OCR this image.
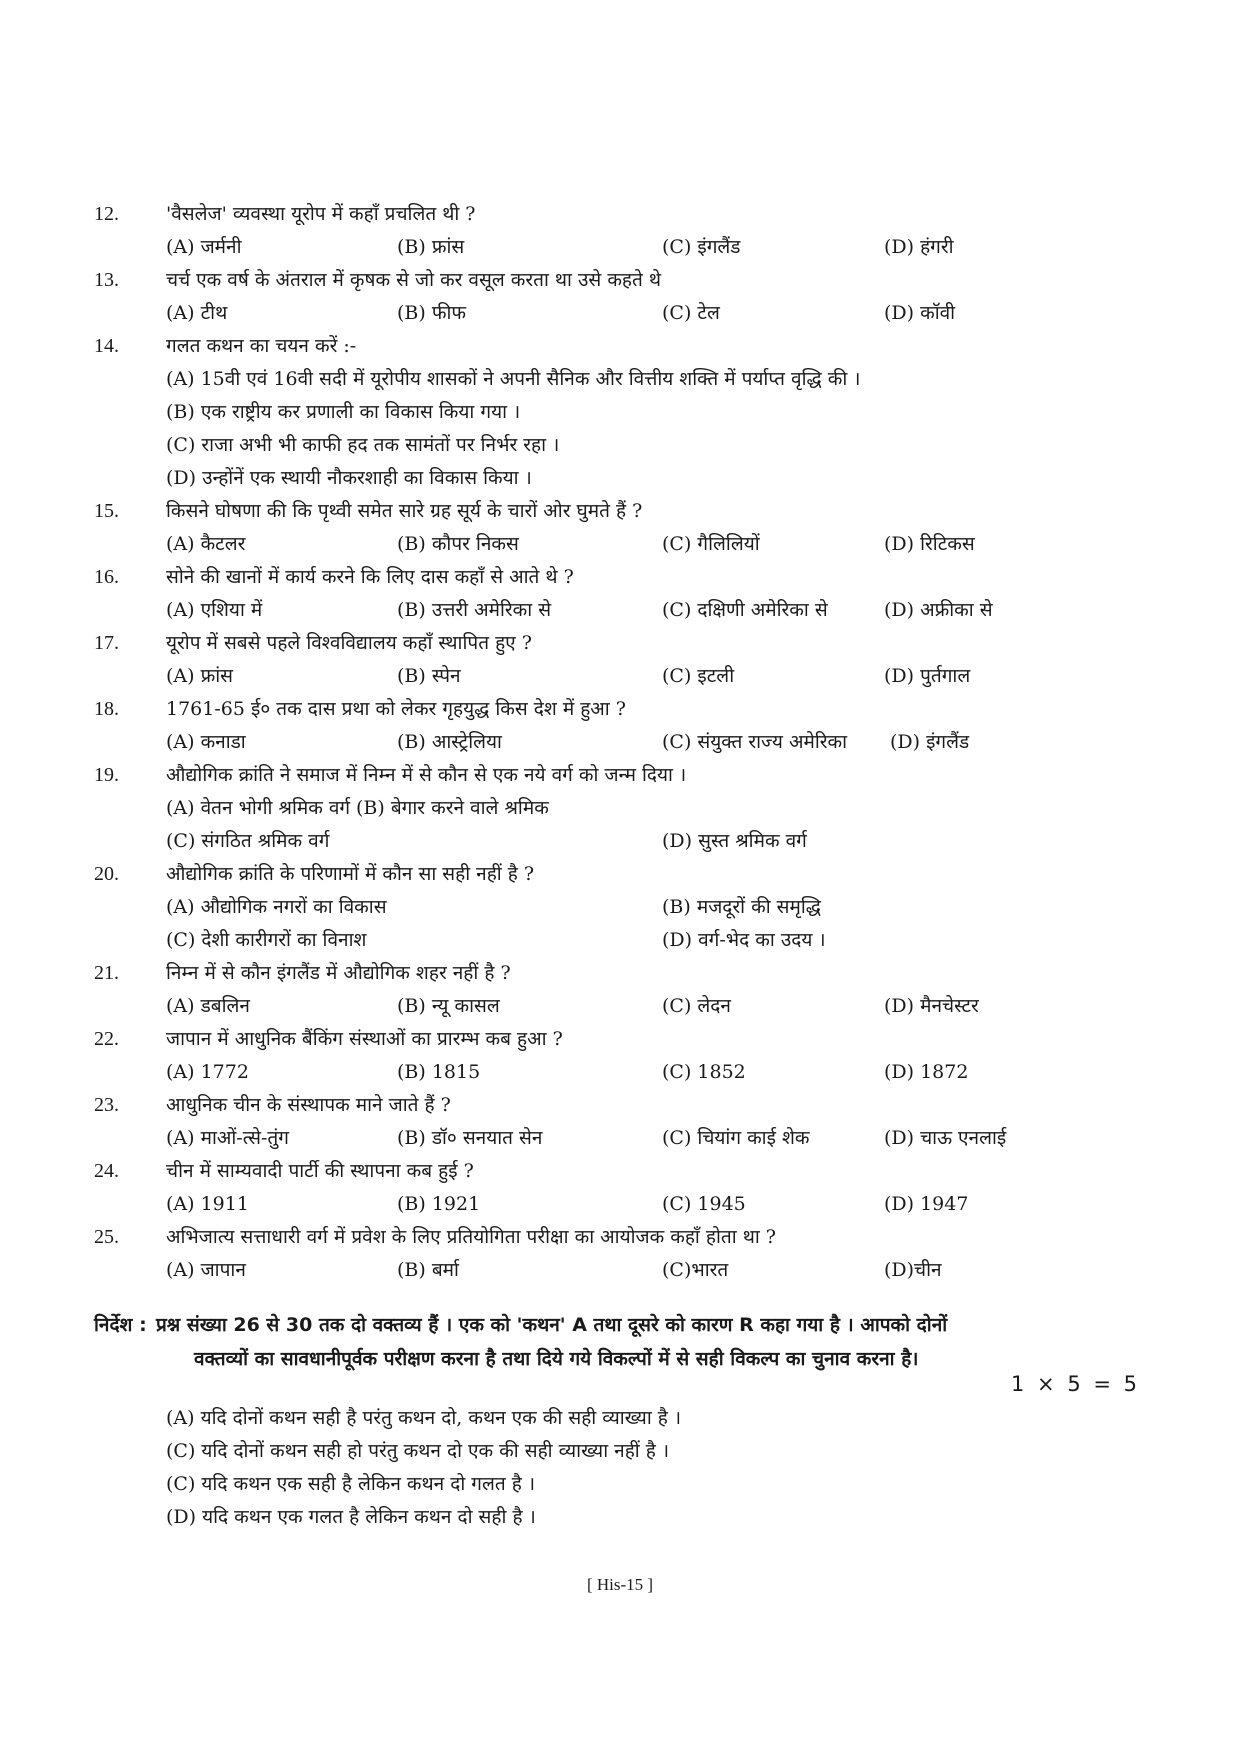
12.	'वैसलेज' व्यवस्था यूरोप में कहाँ प्रचलित थी ?
(A) जर्मनी	(B) फ्रांस	(C) इंगलैंड	(D) हंगरी
13.	चर्च एक वर्ष के अंतराल में कृषक से जो कर वसूल करता था उसे कहते थे
(A) टीथ	(B) फीफ	(C) टेल	(D) कॉवी
14.	गलत कथन का चयन करें :-
(A) 15वी एवं 16वी सदी में यूरोपीय शासकों ने अपनी सैनिक और वित्तीय शक्ति में पर्याप्त वृद्धि की ।
(B) एक राष्ट्रीय कर प्रणाली का विकास किया गया ।
(C) राजा अभी भी काफी हद तक सामंतों पर निर्भर रहा ।
(D) उन्होंनें एक स्थायी नौकरशाही का विकास किया ।
15.	किसने घोषणा की कि पृथ्वी समेत सारे ग्रह सूर्य के चारों ओर घुमते हैं ?
(A) कैटलर	(B) कौपर निकस	(C) गैलिलियों	(D) रिटिकस
16.	सोने की खानों में कार्य करने कि लिए दास कहाँ से आते थे ?
(A) एशिया में	(B) उत्तरी अमेरिका से	(C) दक्षिणी अमेरिका से	(D) अफ्रीका से
17.	यूरोप में सबसे पहले विश्वविद्यालय कहाँ स्थापित हुए ?
(A) फ्रांस	(B) स्पेन	(C) इटली	(D) पुर्तगाल
18.	1761-65 ई० तक दास प्रथा को लेकर गृहयुद्ध किस देश में हुआ ?
(A) कनाडा	(B) आस्ट्रेलिया	(C) संयुक्त राज्य अमेरिका (D) इंगलैंड
19.	औद्योगिक क्रांति ने समाज में निम्न में से कौन से एक नये वर्ग को जन्म दिया ।
(A) वेतन भोगी श्रमिक वर्ग (B) बेगार करने वाले श्रमिक
(C) संगठित श्रमिक वर्ग	(D) सुस्त श्रमिक वर्ग
20.	औद्योगिक क्रांति के परिणामों में कौन सा सही नहीं है ?
(A) औद्योगिक नगरों का विकास	(B) मजदूरों की समृद्धि
(C) देशी कारीगरों का विनाश	(D) वर्ग-भेद का उदय ।
21.	निम्न में से कौन इंगलैंड में औद्योगिक शहर नहीं है ?
(A) डबलिन	(B) न्यू कासल	(C) लेदन	(D) मैनचेस्टर
22.	जापान में आधुनिक बैंकिंग संस्थाओं का प्रारम्भ कब हुआ ?
(A) 1772	(B) 1815	(C) 1852	(D) 1872
23.	आधुनिक चीन के संस्थापक माने जाते हैं ?
(A) माओं-त्से-तुंग	(B) डॉ० सनयात सेन	(C) चियांग काई शेक	(D) चाऊ एनलाई
24.	चीन में साम्यवादी पार्टी की स्थापना कब हुई ?
(A) 1911	(B) 1921	(C) 1945	(D) 1947
25.	अभिजात्य सत्ताधारी वर्ग में प्रवेश के लिए प्रतियोगिता परीक्षा का आयोजक कहाँ होता था ?
(A) जापान	(B) बर्मा	(C)भारत	(D)चीन
निर्देश : प्रश्न संख्या 26 से 30 तक दो वक्तव्य हैं । एक को 'कथन' A तथा दूसरे को कारण R कहा गया है । आपको दोनों
वक्तव्यों का सावधानीपूर्वक परीक्षण करना है तथा दिये गये विकल्पों में से सही विकल्प का चुनाव करना है।
1 × 5 = 5
(A) यदि दोनों कथन सही है परंतु कथन दो, कथन एक की सही व्याख्या है ।
(C) यदि दोनों कथन सही हो परंतु कथन दो एक की सही व्याख्या नहीं है ।
(C) यदि कथन एक सही है लेकिन कथन दो गलत है ।
(D) यदि कथन एक गलत है लेकिन कथन दो सही है ।
[ His-15 ]
